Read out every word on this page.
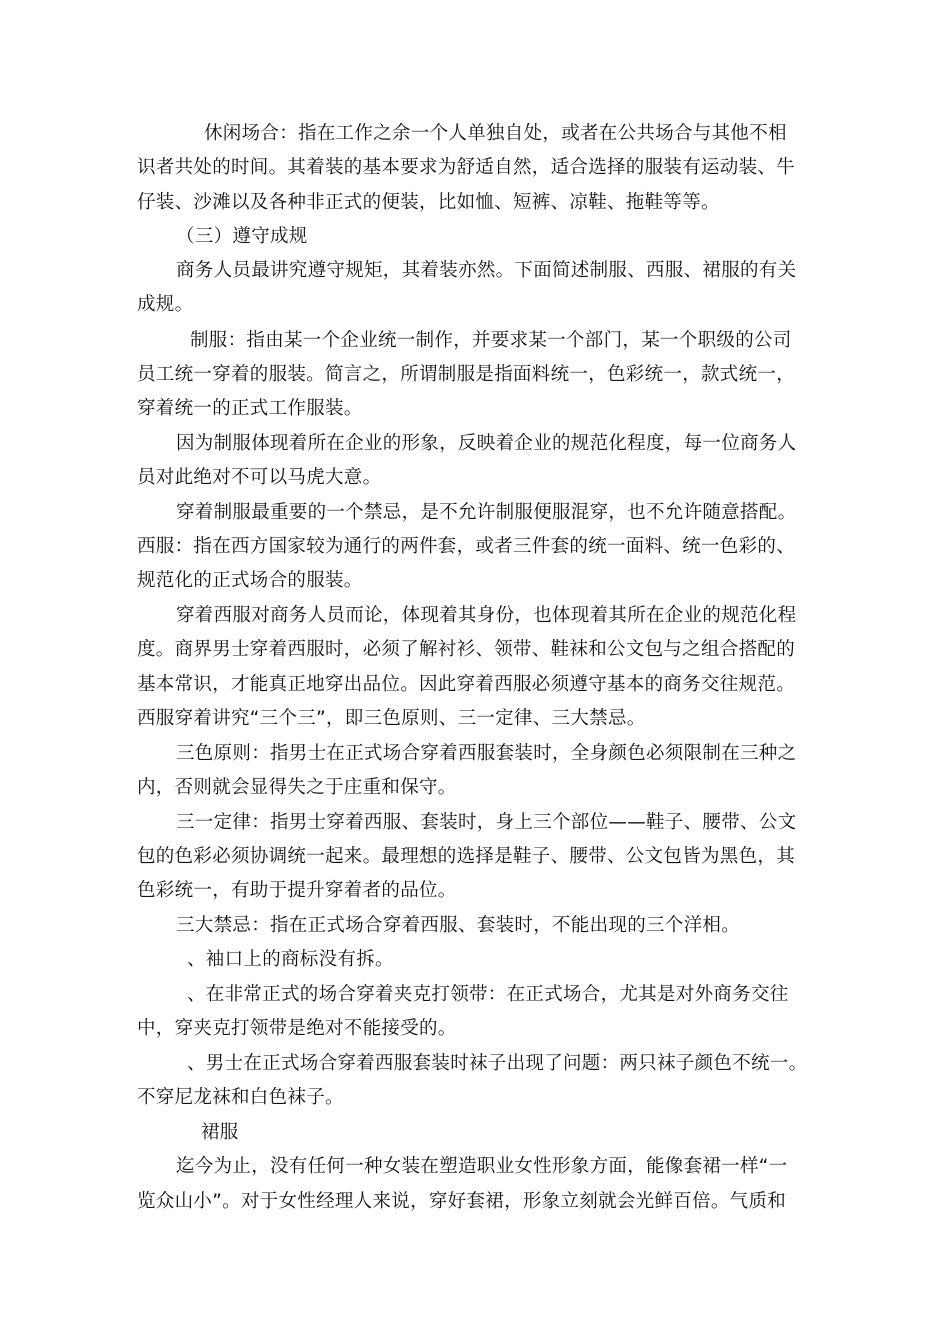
休闲场合：指在工作之余一个人单独自处，或者在公共场合与其他不相

识者共处的时间。其着装的基本要求为舒适自然，适合选择的服装有运动装、牛

仔装、沙滩以及各种非正式的便装，比如恤、短裤、凉鞋、拖鞋等等。

（三）遵守成规

商务人员最讲究遵守规矩，其着装亦然。下面简述制服、西服、裙服的有关

成规。

制服：指由某一个企业统一制作，并要求某一个部门，某一个职级的公司

员工统一穿着的服装。简言之，所谓制服是指面料统一，色彩统一，款式统一，

穿着统一的正式工作服装。

因为制服体现着所在企业的形象，反映着企业的规范化程度，每一位商务人

员对此绝对不可以马虎大意。

穿着制服最重要的一个禁忌，是不允许制服便服混穿，也不允许随意搭配。

西服：指在西方国家较为通行的两件套，或者三件套的统一面料、统一色彩的、

规范化的正式场合的服装。

穿着西服对商务人员而论，体现着其身份，也体现着其所在企业的规范化程

度。商界男士穿着西服时，必须了解衬衫、领带、鞋袜和公文包与之组合搭配的

基本常识，才能真正地穿出品位。因此穿着西服必须遵守基本的商务交往规范。

西服穿着讲究“三个三”，即三色原则、三一定律、三大禁忌。

三色原则：指男士在正式场合穿着西服套装时，全身颜色必须限制在三种之

内，否则就会显得失之于庄重和保守。

三一定律：指男士穿着西服、套装时，身上三个部位——鞋子、腰带、公文

包的色彩必须协调统一起来。最理想的选择是鞋子、腰带、公文包皆为黑色，其

色彩统一，有助于提升穿着者的品位。

三大禁忌：指在正式场合穿着西服、套装时，不能出现的三个洋相。

、袖口上的商标没有拆。

、在非常正式的场合穿着夹克打领带：在正式场合，尤其是对外商务交往

中，穿夹克打领带是绝对不能接受的。

、男士在正式场合穿着西服套装时袜子出现了问题：两只袜子颜色不统一。

不穿尼龙袜和白色袜子。

裙服

迄今为止，没有任何一种女装在塑造职业女性形象方面，能像套裙一样“一

览众山小”。对于女性经理人来说，穿好套裙，形象立刻就会光鲜百倍。气质和
